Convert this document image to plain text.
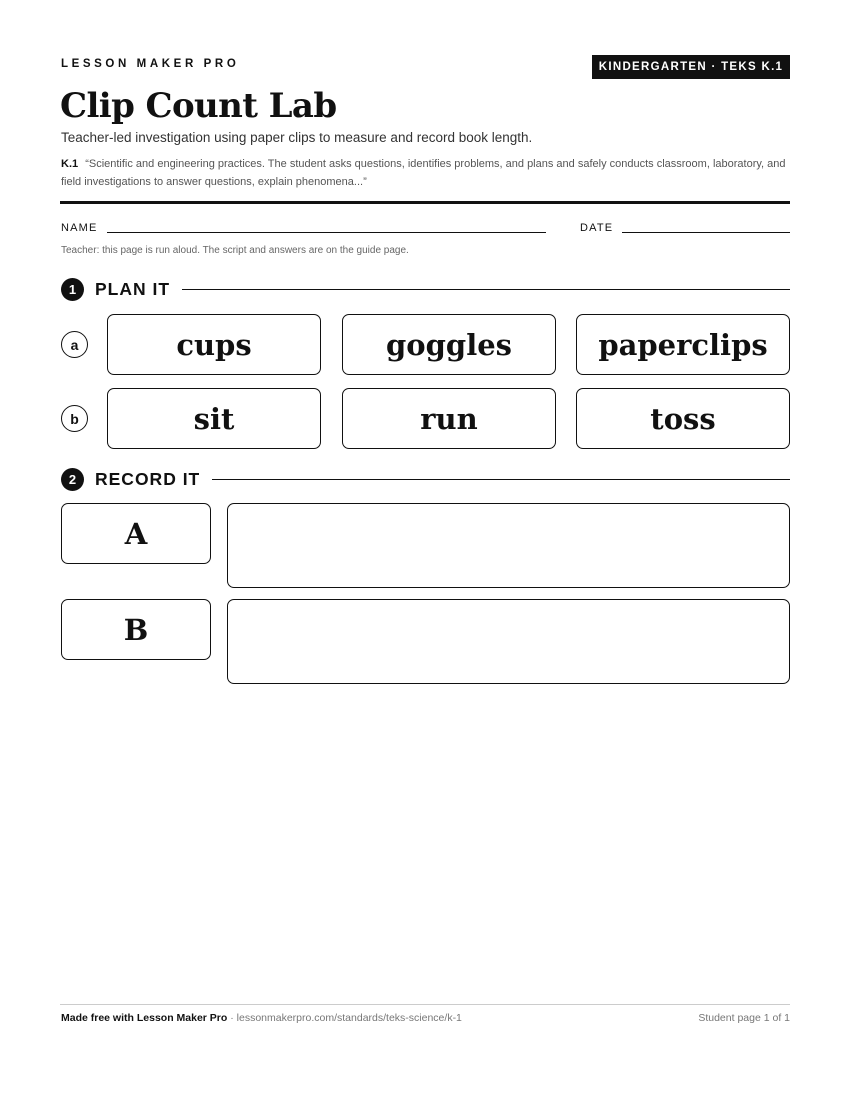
LESSON MAKER PRO	KINDERGARTEN · TEKS K.1
Clip Count Lab
Teacher-led investigation using paper clips to measure and record book length.
K.1 “Scientific and engineering practices. The student asks questions, identifies problems, and plans and safely conducts classroom, laboratory, and field investigations to answer questions, explain phenomena...”
NAME	DATE
Teacher: this page is run aloud. The script and answers are on the guide page.
1	PLAN IT
a	cups	goggles	paperclips
b	sit	run	toss
2	RECORD IT
A
B
Made free with Lesson Maker Pro · lessonmakerpro.com/standards/teks-science/k-1	Student page 1 of 1
